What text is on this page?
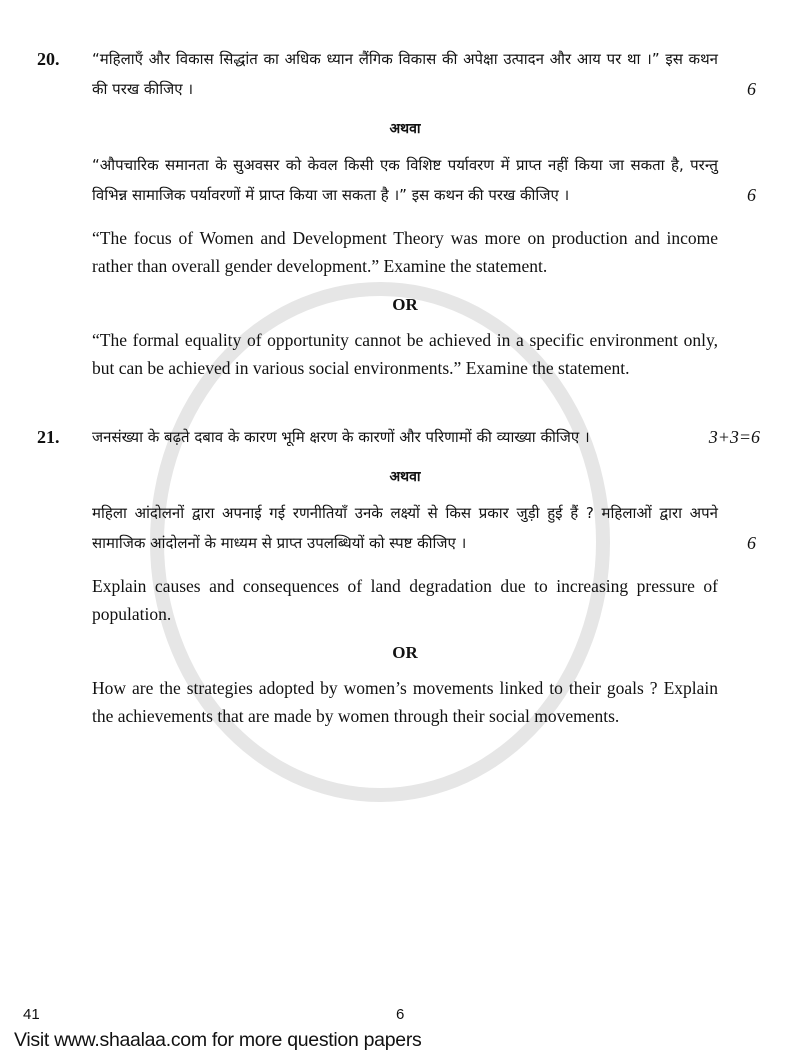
20. “महिलाएँ और विकास सिद्धांत का अधिक ध्यान लैंगिक विकास की अपेक्षा उत्पादन और आय पर था ।” इस कथन की परख कीजिए ।	6
अथवा
“औपचारिक समानता के सुअवसर को केवल किसी एक विशिष्ट पर्यावरण में प्राप्त नहीं किया जा सकता है, परन्तु विभिन्न सामाजिक पर्यावरणों में प्राप्त किया जा सकता है ।” इस कथन की परख कीजिए ।	6
“The focus of Women and Development Theory was more on production and income rather than overall gender development.” Examine the statement.
OR
“The formal equality of opportunity cannot be achieved in a specific environment only, but can be achieved in various social environments.” Examine the statement.
21. जनसंख्या के बढ़ते दबाव के कारण भूमि क्षरण के कारणों और परिणामों की व्याख्या कीजिए ।	3+3=6
अथवा
महिला आंदोलनों द्वारा अपनाई गई रणनीतियाँ उनके लक्ष्यों से किस प्रकार जुड़ी हुई हैं ? महिलाओं द्वारा अपने सामाजिक आंदोलनों के माध्यम से प्राप्त उपलब्धियों को स्पष्ट कीजिए ।	6
Explain causes and consequences of land degradation due to increasing pressure of population.
OR
How are the strategies adopted by women’s movements linked to their goals ? Explain the achievements that are made by women through their social movements.
41	6
Visit www.shaalaa.com for more question papers
